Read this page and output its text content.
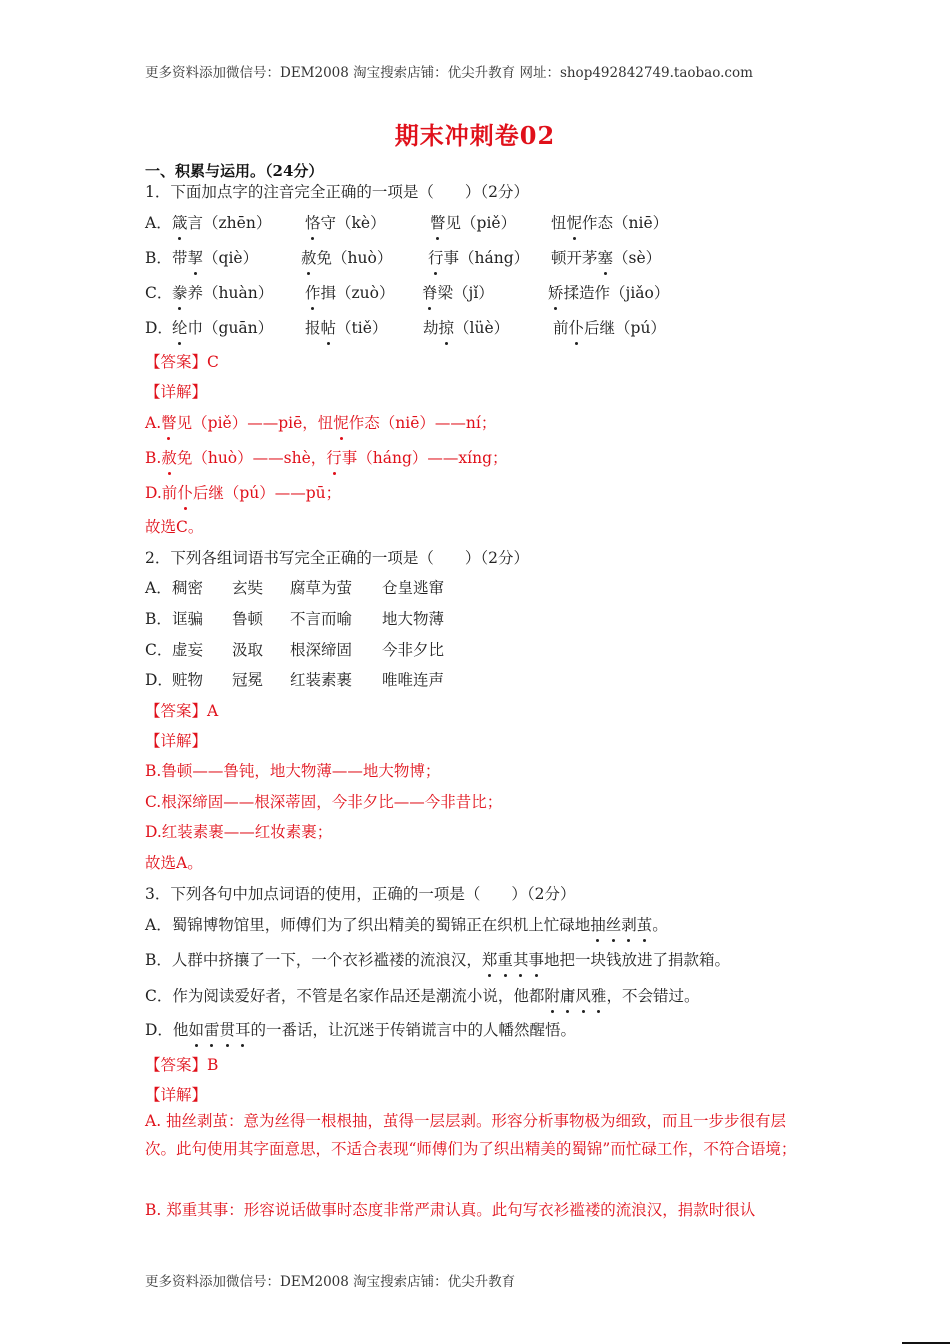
更多资料添加微信号：DEM2008 淘宝搜索店铺：优尖升教育 网址：shop492842749.taobao.com
期末冲刺卷02
一、积累与运用。（24分）
1．下面加点字的注音完全正确的一项是（　　）（2分）
A． 箴言（zhēn） 恪守（kè）	瞥见（piě） 忸怩作态（niē）
B． 带挈（qiè）	赦免（huò） 行事（háng） 顿开茅塞（sè）
C． 豢养（huàn） 作揖（zuò） 脊梁（jǐ）	矫揉造作（jiǎo）
D． 纶巾（guān） 报帖（tiě） 劫掠（lüè）	前仆后继（pú）
【答案】C
【详解】
A.瞥见（piě）——piē，忸怩作态（niē）——ní；
B.赦免（huò）——shè，行事（háng）——xíng；
D.前仆后继（pú）——pū；
故选C。
2．下列各组词语书写完全正确的一项是（　　）（2分）
A． 稠密 玄奘 腐草为萤 仓皇逃窜
B． 诓骗 鲁顿 不言而喻 地大物薄
C． 虚妄 汲取 根深缔固 今非夕比
D． 赃物 冠冕 红装素裹 唯唯连声
【答案】A
【详解】
B.鲁顿——鲁钝，地大物薄——地大物博；
C.根深缔固——根深蒂固，今非夕比——今非昔比；
D.红装素裹——红妆素裹；
故选A。
3．下列各句中加点词语的使用，正确的一项是（　　）（2分）
A．蜀锦博物馆里，师傅们为了织出精美的蜀锦正在织机上忙碌地抽丝剥茧。
B．人群中挤攘了一下，一个衣衫褴褛的流浪汉，郑重其事地把一块钱放进了捐款箱。
C．作为阅读爱好者，不管是名家作品还是潮流小说，他都附庸风雅，不会错过。
D．他如雷贯耳的一番话，让沉迷于传销谎言中的人幡然醒悟。
【答案】B
【详解】
A. 抽丝剥茧：意为丝得一根根抽，茧得一层层剥。形容分析事物极为细致，而且一步步很有层次。此句使用其字面意思，不适合表现“师傅们为了织出精美的蜀锦”而忙碌工作，不符合语境；
B. 郑重其事：形容说话做事时态度非常严肃认真。此句写衣衫褴褛的流浪汉，捐款时很认
更多资料添加微信号：DEM2008 淘宝搜索店铺：优尖升教育
